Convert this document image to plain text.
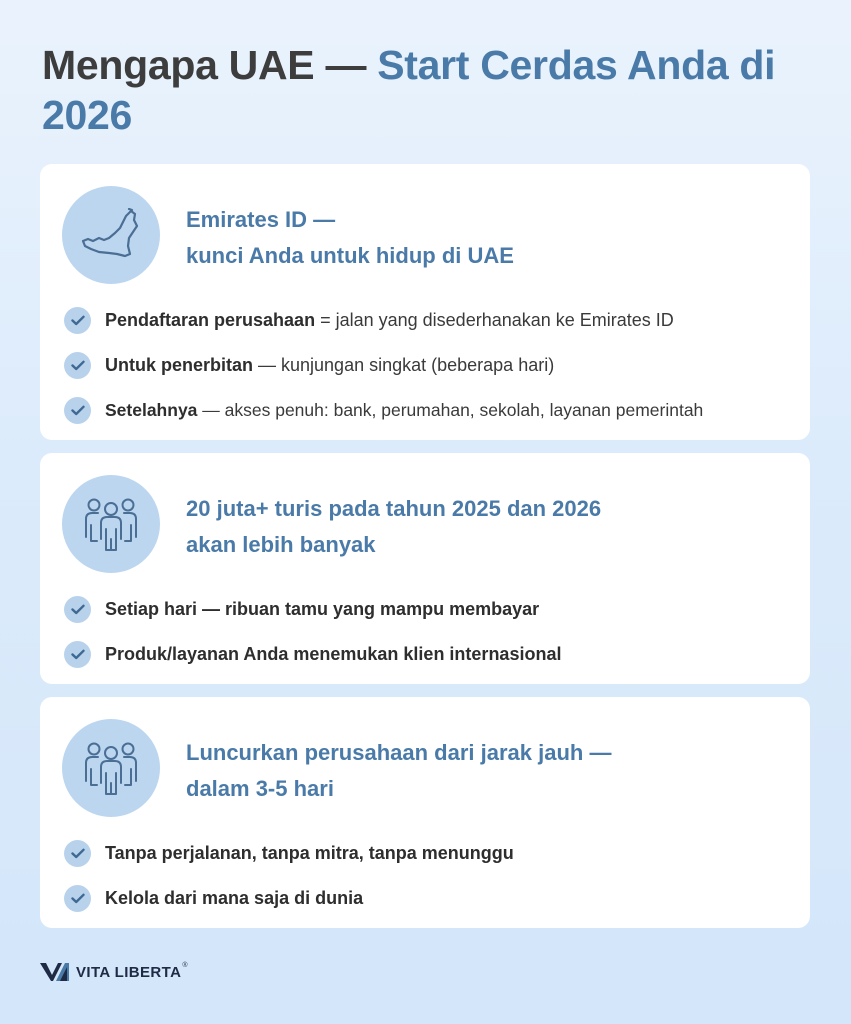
Mengapa UAE — Start Cerdas Anda di 2026
Emirates ID —
kunci Anda untuk hidup di UAE
Pendaftaran perusahaan = jalan yang disederhanakan ke Emirates ID
Untuk penerbitan — kunjungan singkat (beberapa hari)
Setelahnya — akses penuh: bank, perumahan, sekolah, layanan pemerintah
20 juta+ turis pada tahun 2025 dan 2026
akan lebih banyak
Setiap hari — ribuan tamu yang mampu membayar
Produk/layanan Anda menemukan klien internasional
Luncurkan perusahaan dari jarak jauh —
dalam 3-5 hari
Tanpa perjalanan, tanpa mitra, tanpa menunggu
Kelola dari mana saja di dunia
VITA LIBERTA ®
